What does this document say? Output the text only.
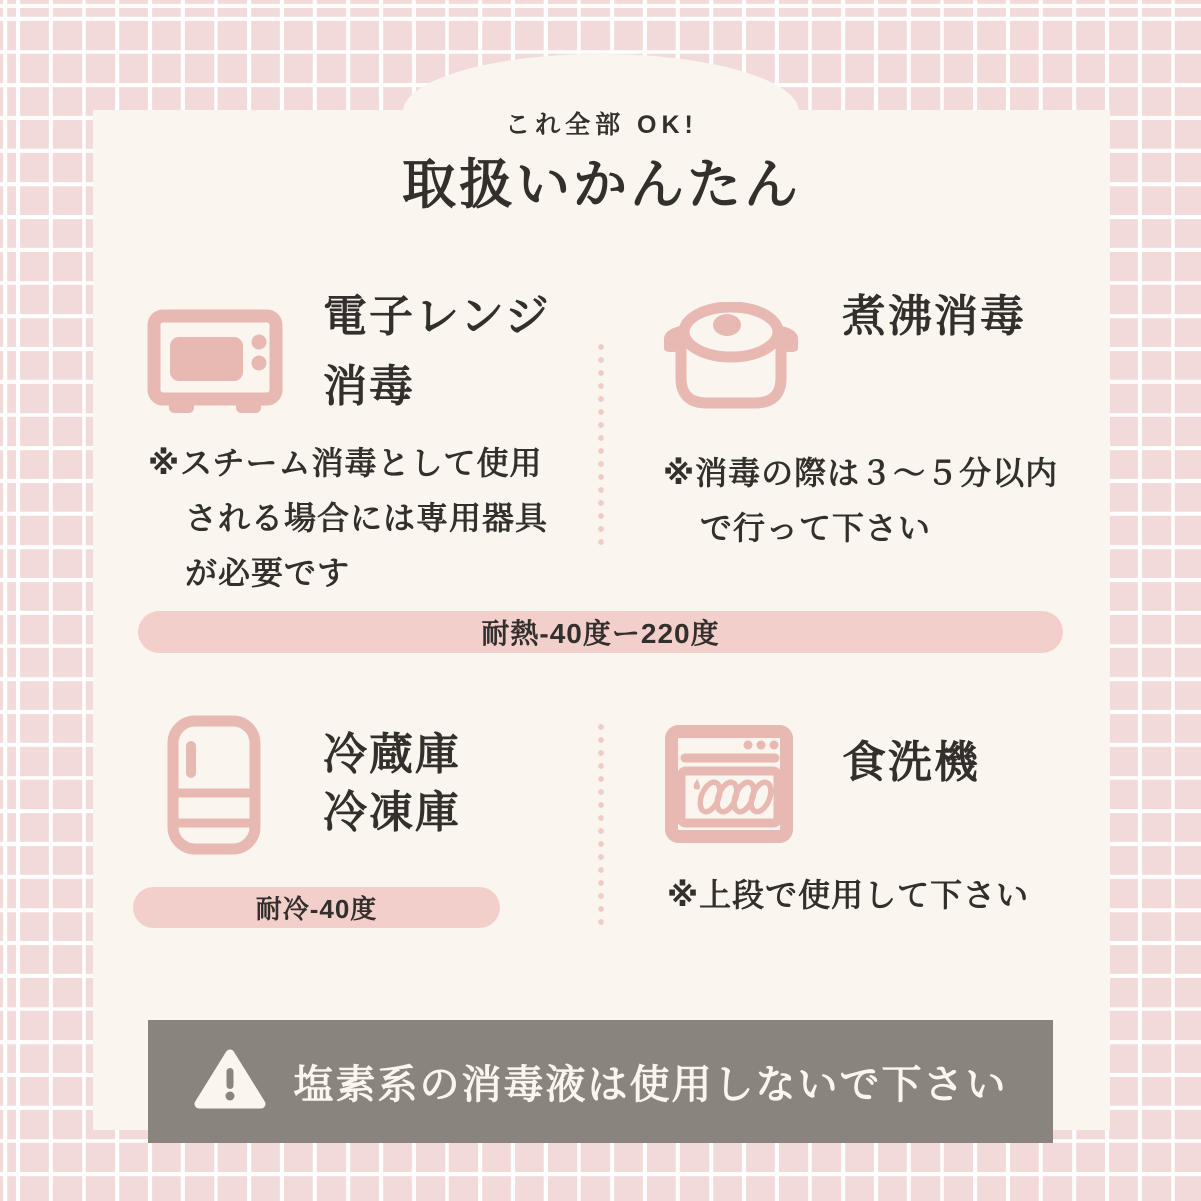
これ全部 OK!
取扱いかんたん
電子レンジ
消毒
※スチーム消毒として使用
される場合には専用器具
が必要です
煮沸消毒
※消毒の際は３〜５分以内
で行って下さい
耐熱-40度ー220度
冷蔵庫
冷凍庫
耐冷-40度
食洗機
※上段で使用して下さい
塩素系の消毒液は使用しないで下さい
